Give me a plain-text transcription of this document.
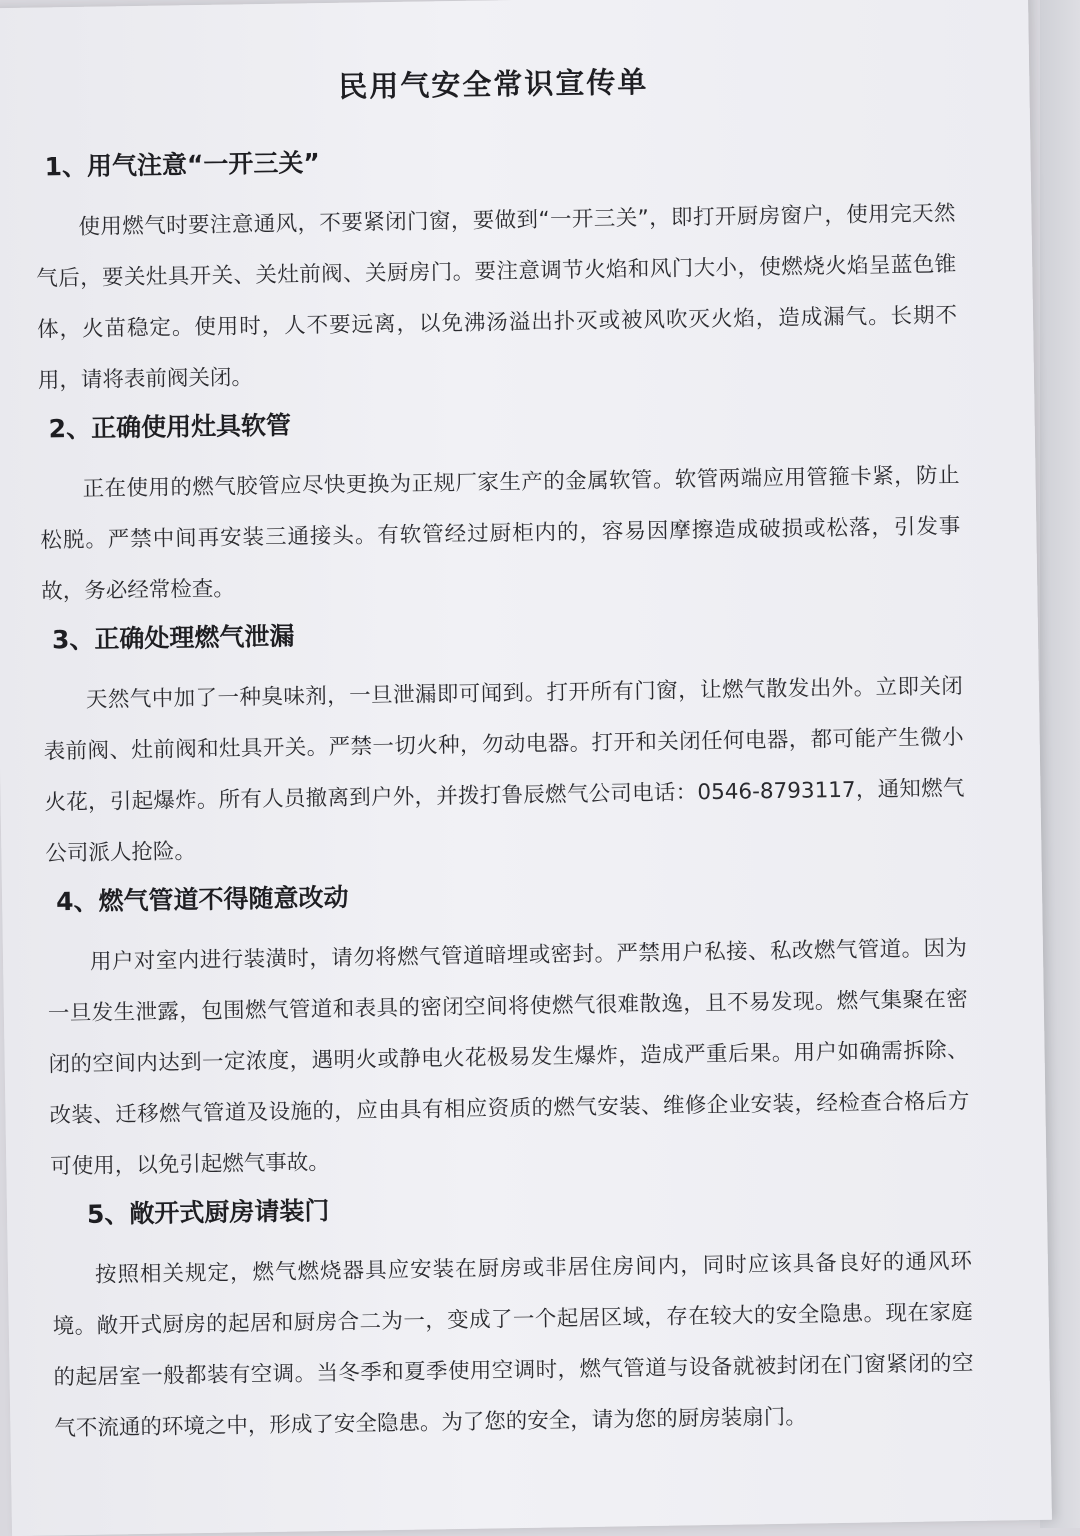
民用气安全常识宣传单
1、用气注意“一开三关”

使用燃气时要注意通风，不要紧闭门窗，要做到“一开三关”，即打开厨房窗户，使用完天然气后，要关灶具开关、关灶前阀、关厨房门。要注意调节火焰和风门大小，使燃烧火焰呈蓝色锥体，火苗稳定。使用时，人不要远离，以免沸汤溢出扑灭或被风吹灭火焰，造成漏气。长期不用，请将表前阀关闭。

2、正确使用灶具软管

正在使用的燃气胶管应尽快更换为正规厂家生产的金属软管。软管两端应用管箍卡紧，防止松脱。严禁中间再安装三通接头。有软管经过厨柜内的，容易因摩擦造成破损或松落，引发事故，务必经常检查。

3、正确处理燃气泄漏

天然气中加了一种臭味剂，一旦泄漏即可闻到。打开所有门窗，让燃气散发出外。立即关闭表前阀、灶前阀和灶具开关。严禁一切火种，勿动电器。打开和关闭任何电器，都可能产生微小火花，引起爆炸。所有人员撤离到户外，并拨打鲁辰燃气公司电话：0546-8793117，通知燃气公司派人抢险。

4、燃气管道不得随意改动

用户对室内进行装潢时，请勿将燃气管道暗埋或密封。严禁用户私接、私改燃气管道。因为一旦发生泄露，包围燃气管道和表具的密闭空间将使燃气很难散逸，且不易发现。燃气集聚在密闭的空间内达到一定浓度，遇明火或静电火花极易发生爆炸，造成严重后果。用户如确需拆除、改装、迁移燃气管道及设施的，应由具有相应资质的燃气安装、维修企业安装，经检查合格后方可使用，以免引起燃气事故。

5、敞开式厨房请装门

按照相关规定，燃气燃烧器具应安装在厨房或非居住房间内，同时应该具备良好的通风环境。敞开式厨房的起居和厨房合二为一，变成了一个起居区域，存在较大的安全隐患。现在家庭的起居室一般都装有空调。当冬季和夏季使用空调时，燃气管道与设备就被封闭在门窗紧闭的空气不流通的环境之中，形成了安全隐患。为了您的安全，请为您的厨房装扇门。
